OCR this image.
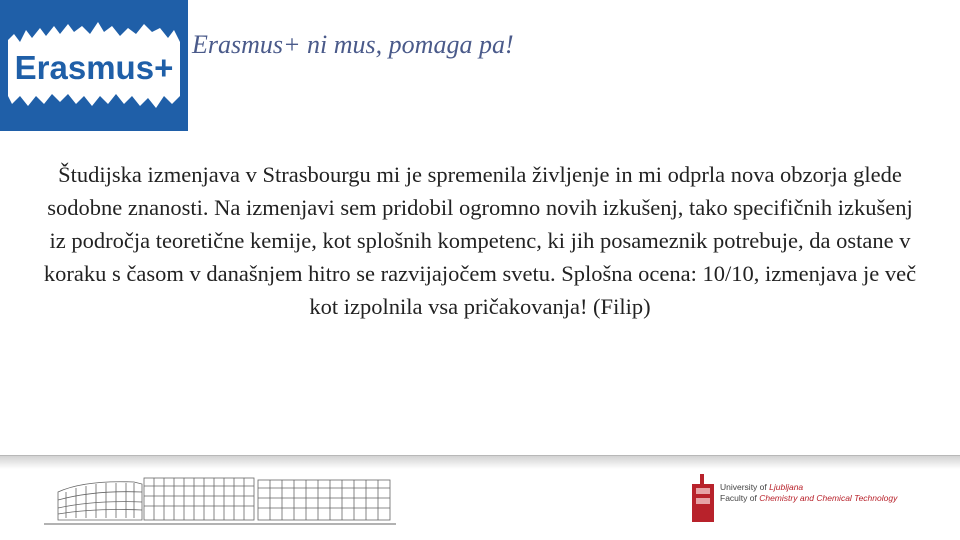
Erasmus+
Erasmus+ ni mus, pomaga pa!

Študijska izmenjava v Strasbourgu mi je spremenila življenje in mi odprla nova obzorja glede sodobne znanosti. Na izmenjavi sem pridobil ogromno novih izkušenj, tako specifičnih izkušenj iz področja teoretične kemije, kot splošnih kompetenc, ki jih posameznik potrebuje, da ostane v koraku s časom v današnjem hitro se razvijajočem svetu. Splošna ocena: 10/10, izmenjava je več kot izpolnila vsa pričakovanja! (Filip)

University of Ljubljana
Faculty of Chemistry and Chemical Technology
